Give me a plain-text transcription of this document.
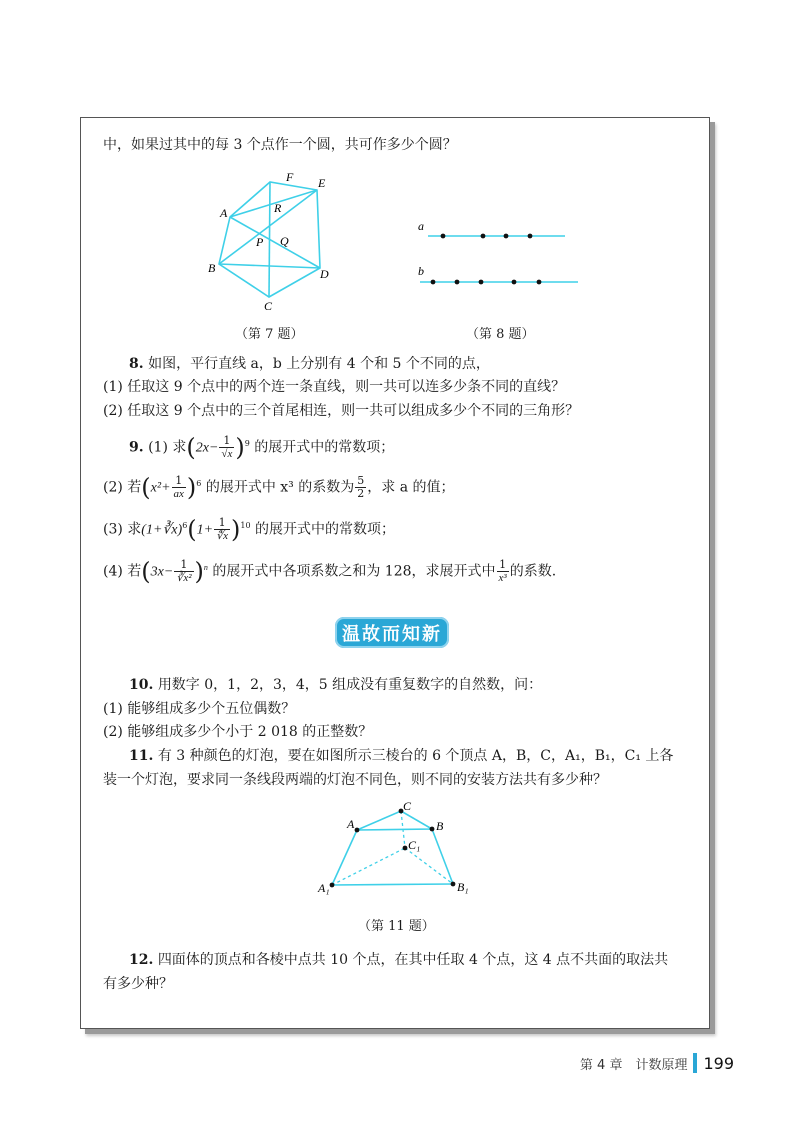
中，如果过其中的每 3 个点作一个圆，共可作多少个圆？
F E
A	R
P Q
B	D
C
（第 7 题）
a
b
（第 8 题）
8. 如图，平行直线 a，b 上分别有 4 个和 5 个不同的点，
(1) 任取这 9 个点中的两个连一条直线，则一共可以连多少条不同的直线？
(2) 任取这 9 个点中的三个首尾相连，则一共可以组成多少个不同的三角形？
9. (1) 求$(2x- \frac{1}{√x} )^9$ 的展开式中的常数项；
(2) 若$(x^2+ \frac{1}{ax} )^6$ 的展开式中 x³ 的系数为 $\frac{5}{2}$ ，求 a 的值；
(3) 求(1+∛x)$^6$(1+ $\frac{1}{∜x} )^{10}$ 的展开式中的常数项；
(4) 若$(3x- \frac{1}{\text{∛x²}} )^n$ 的展开式中各项系数之和为 128，求展开式中 $\frac{1}{\text{x³}}$ 的系数.
温故而知新
10. 用数字 0，1，2，3，4，5 组成没有重复数字的自然数，问：
(1) 能够组成多少个五位偶数？
(2) 能够组成多少个小于 2 018 的正整数？
11. 有 3 种颜色的灯泡，要在如图所示三棱台的 6 个顶点 A，B，C，A₁，B₁，C₁ 上各
装一个灯泡，要求同一条线段两端的灯泡不同色，则不同的安装方法共有多少种？
C
A	B
C₁
A₁	B₁
（第 11 题）
12. 四面体的顶点和各棱中点共 10 个点，在其中任取 4 个点，这 4 点不共面的取法共
有多少种？
第 4 章　计数原理 199
